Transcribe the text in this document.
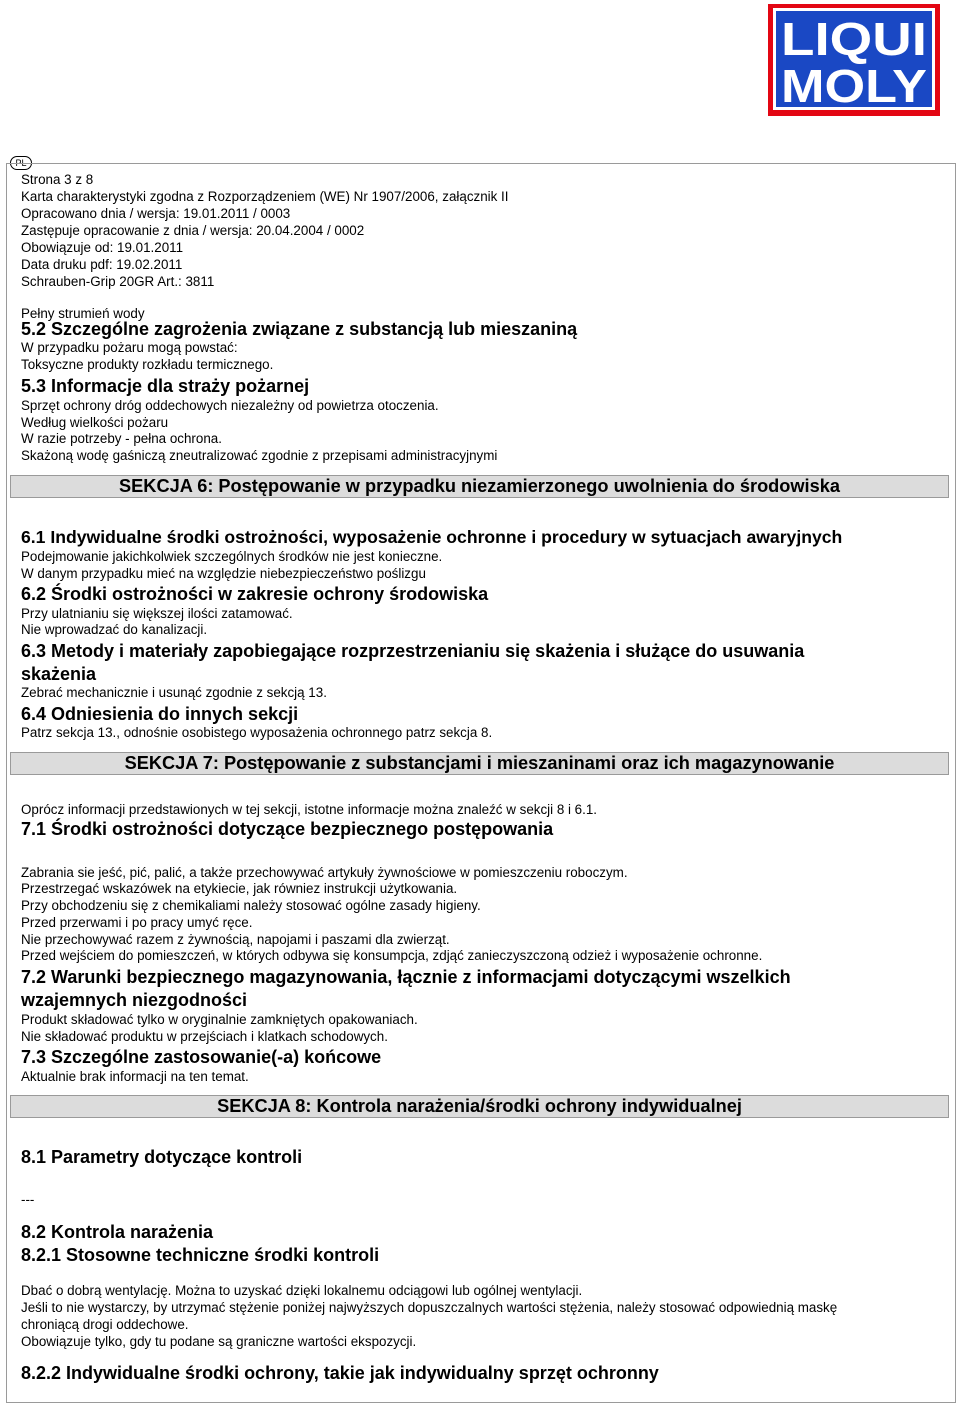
LIQUI
MOLY
PL
Strona 3 z 8
Karta charakterystyki zgodna z Rozporządzeniem (WE) Nr 1907/2006, załącznik II
Opracowano dnia / wersja: 19.01.2011 / 0003
Zastępuje opracowanie z dnia / wersja: 20.04.2004 / 0002
Obowiązuje od: 19.01.2011
Data druku pdf: 19.02.2011
Schrauben-Grip 20GR Art.: 3811
Pełny strumień wody
5.2 Szczególne zagrożenia związane z substancją lub mieszaniną
W przypadku pożaru mogą powstać:
Toksyczne produkty rozkładu termicznego.
5.3 Informacje dla straży pożarnej
Sprzęt ochrony dróg oddechowych niezależny od powietrza otoczenia.
Według wielkości pożaru
W razie potrzeby - pełna ochrona.
Skażoną wodę gaśniczą zneutralizować zgodnie z przepisami administracyjnymi
SEKCJA 6: Postępowanie w przypadku niezamierzonego uwolnienia do środowiska
6.1 Indywidualne środki ostrożności, wyposażenie ochronne i procedury w sytuacjach awaryjnych
Podejmowanie jakichkolwiek szczególnych środków nie jest konieczne.
W danym przypadku mieć na względzie niebezpieczeństwo poślizgu
6.2 Środki ostrożności w zakresie ochrony środowiska
Przy ulatnianiu się większej ilości zatamować.
Nie wprowadzać do kanalizacji.
6.3 Metody i materiały zapobiegające rozprzestrzenianiu się skażenia i służące do usuwania
skażenia
Zebrać mechanicznie i usunąć zgodnie z sekcją 13.
6.4 Odniesienia do innych sekcji
Patrz sekcja 13., odnośnie osobistego wyposażenia ochronnego patrz sekcja 8.
SEKCJA 7: Postępowanie z substancjami i mieszaninami oraz ich magazynowanie
Oprócz informacji przedstawionych w tej sekcji, istotne informacje można znaleźć w sekcji 8 i 6.1.
7.1 Środki ostrożności dotyczące bezpiecznego postępowania
Zabrania sie jeść, pić, palić, a także przechowywać artykuły żywnościowe w pomieszczeniu roboczym.
Przestrzegać wskazówek na etykiecie, jak równiez instrukcji użytkowania.
Przy obchodzeniu się z chemikaliami należy stosować ogólne zasady higieny.
Przed przerwami i po pracy umyć ręce.
Nie przechowywać razem z żywnością, napojami i paszami dla zwierząt.
Przed wejściem do pomieszczeń, w których odbywa się konsumpcja, zdjąć zanieczyszczoną odzież i wyposażenie ochronne.
7.2 Warunki bezpiecznego magazynowania, łącznie z informacjami dotyczącymi wszelkich
wzajemnych niezgodności
Produkt składować tylko w oryginalnie zamkniętych opakowaniach.
Nie składować produktu w przejściach i klatkach schodowych.
7.3 Szczególne zastosowanie(-a) końcowe
Aktualnie brak informacji na ten temat.
SEKCJA 8: Kontrola narażenia/środki ochrony indywidualnej
8.1 Parametry dotyczące kontroli
---
8.2 Kontrola narażenia
8.2.1 Stosowne techniczne środki kontroli
Dbać o dobrą wentylację. Można to uzyskać dzięki lokalnemu odciągowi lub ogólnej wentylacji.
Jeśli to nie wystarczy, by utrzymać stężenie poniżej najwyższych dopuszczalnych wartości stężenia, należy stosować odpowiednią maskę
chroniącą drogi oddechowe.
Obowiązuje tylko, gdy tu podane są graniczne wartości ekspozycji.
8.2.2 Indywidualne środki ochrony, takie jak indywidualny sprzęt ochronny
